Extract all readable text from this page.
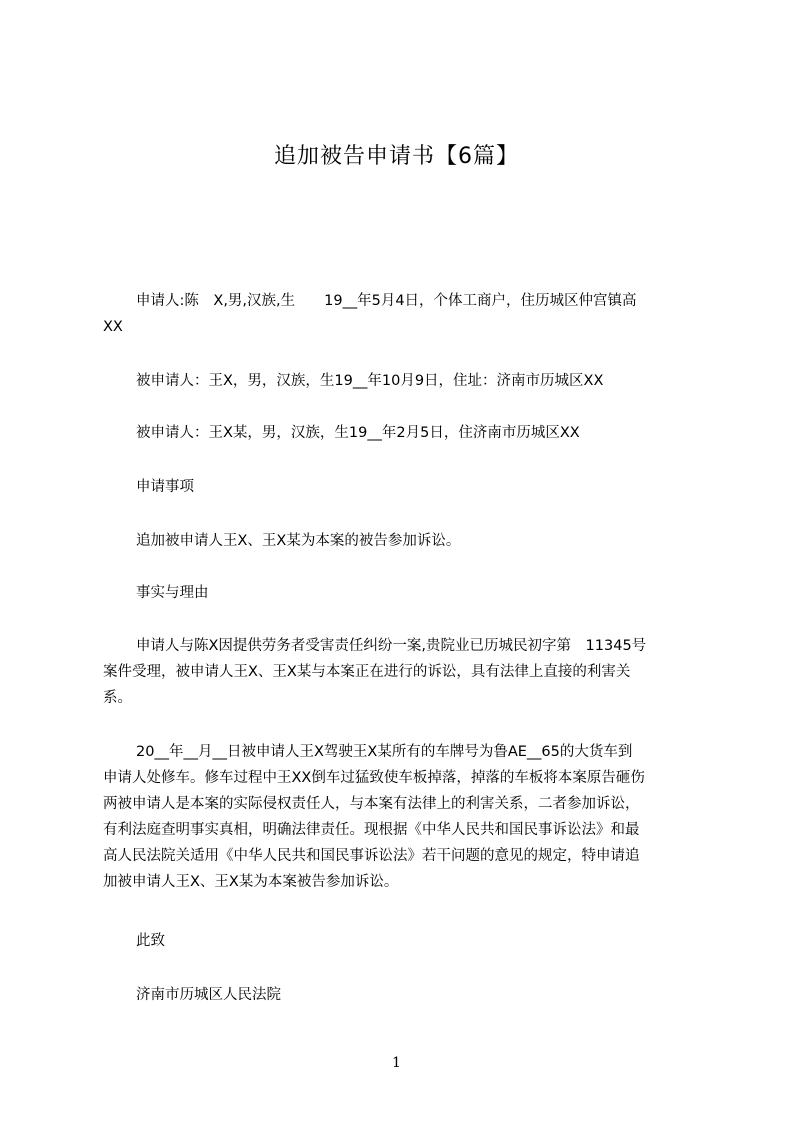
追加被告申请书【6篇】
申请人:陈　X,男,汉族,生　　19__年5月4日，个体工商户，住历城区仲宫镇高
XX
被申请人：王X，男，汉族，生19__年10月9日，住址：济南市历城区XX
被申请人：王X某，男，汉族，生19__年2月5日，住济南市历城区XX
申请事项
追加被申请人王X、王X某为本案的被告参加诉讼。
事实与理由
申请人与陈X因提供劳务者受害责任纠纷一案,贵院业已历城民初字第　11345号
案件受理，被申请人王X、王X某与本案正在进行的诉讼，具有法律上直接的利害关
系。
20__年__月__日被申请人王X驾驶王X某所有的车牌号为鲁AE__65的大货车到
申请人处修车。修车过程中王XX倒车过猛致使车板掉落，掉落的车板将本案原告砸伤
两被申请人是本案的实际侵权责任人，与本案有法律上的利害关系，二者参加诉讼，
有利法庭查明事实真相，明确法律责任。现根据《中华人民共和国民事诉讼法》和最
高人民法院关适用《中华人民共和国民事诉讼法》若干问题的意见的规定，特申请追
加被申请人王X、王X某为本案被告参加诉讼。
此致
济南市历城区人民法院
1
